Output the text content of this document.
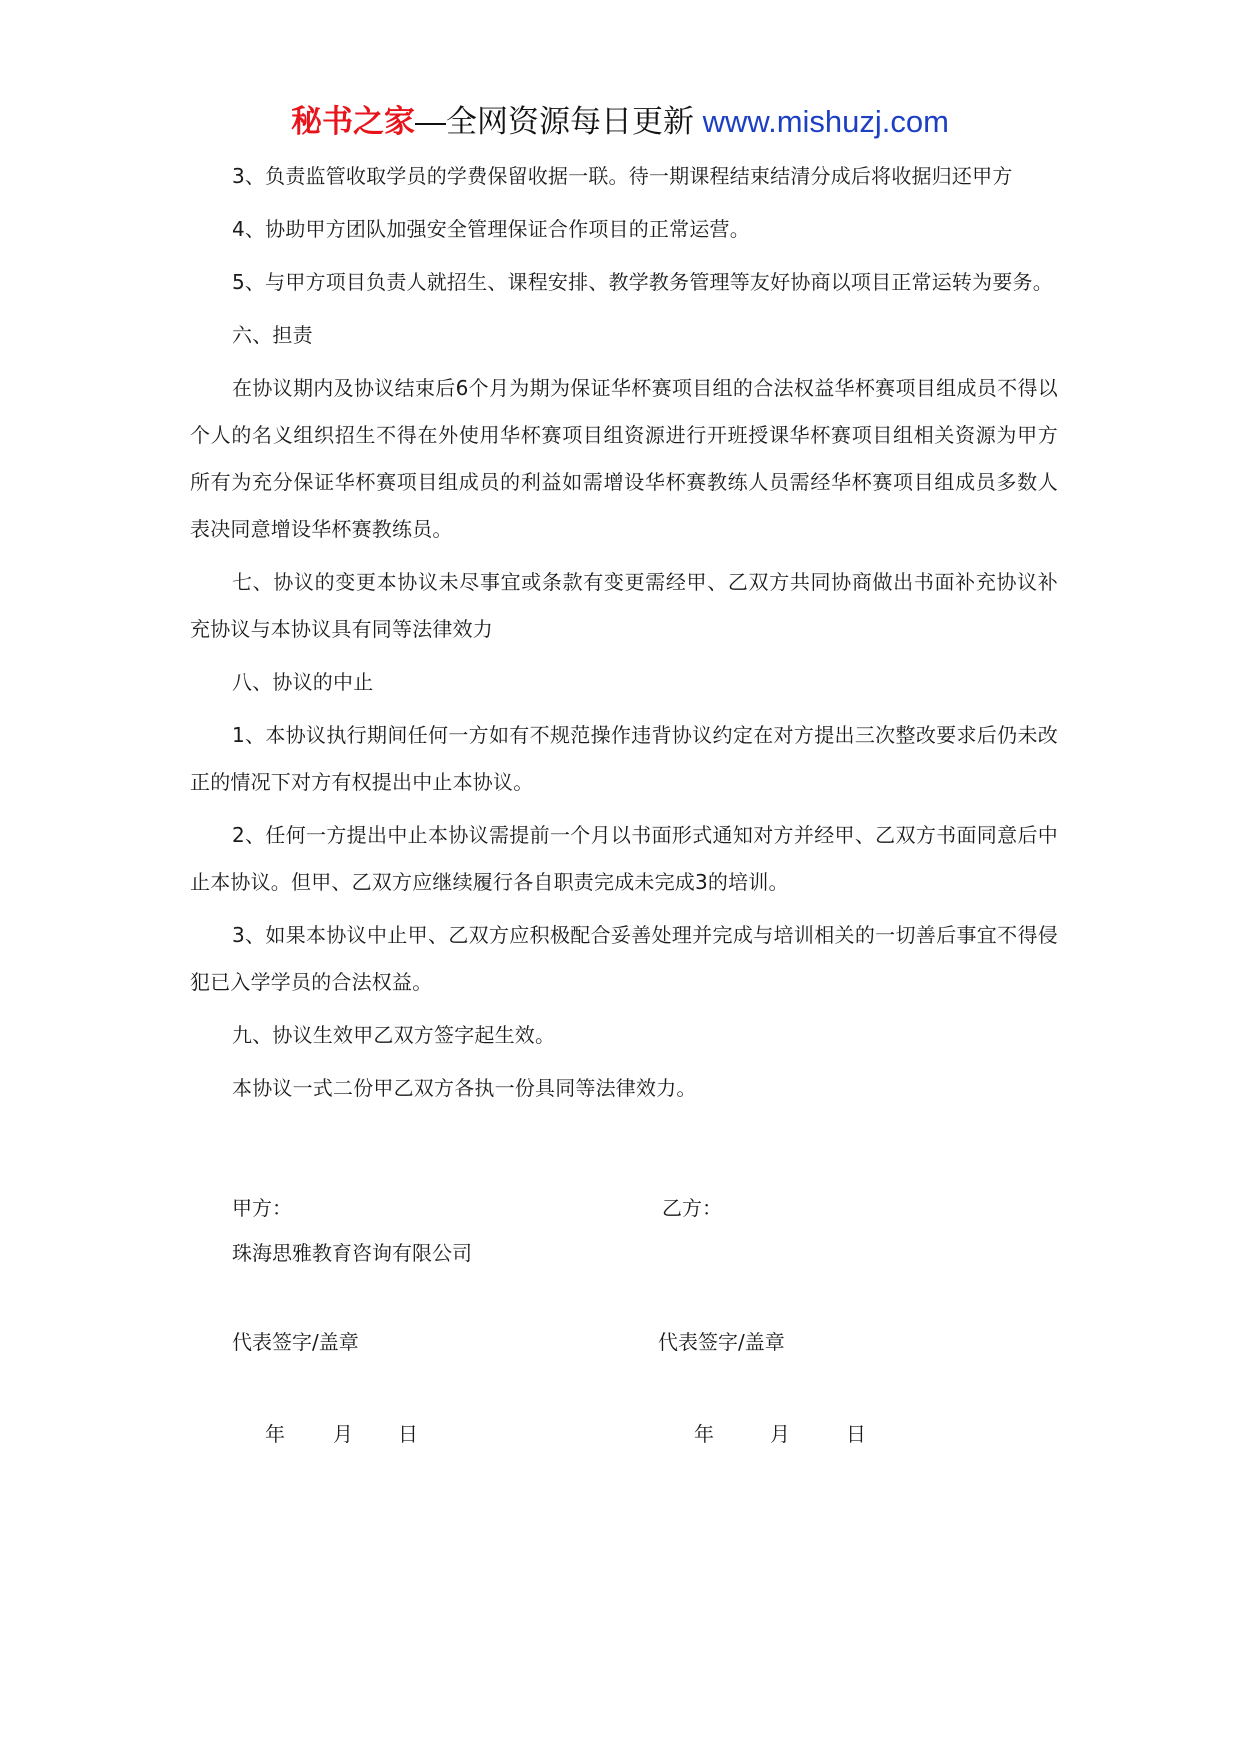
秘书之家—全网资源每日更新 www.mishuzj.com

3、负责监管收取学员的学费保留收据一联。待一期课程结束结清分成后将收据归还甲方

4、协助甲方团队加强安全管理保证合作项目的正常运营。

5、与甲方项目负责人就招生、课程安排、教学教务管理等友好协商以项目正常运转为要务。

六、担责

在协议期内及协议结束后6个月为期为保证华杯赛项目组的合法权益华杯赛项目组成员不得以个人的名义组织招生不得在外使用华杯赛项目组资源进行开班授课华杯赛项目组相关资源为甲方所有为充分保证华杯赛项目组成员的利益如需增设华杯赛教练人员需经华杯赛项目组成员多数人表决同意增设华杯赛教练员。

七、协议的变更本协议未尽事宜或条款有变更需经甲、乙双方共同协商做出书面补充协议补充协议与本协议具有同等法律效力

八、协议的中止

1、本协议执行期间任何一方如有不规范操作违背协议约定在对方提出三次整改要求后仍未改正的情况下对方有权提出中止本协议。

2、任何一方提出中止本协议需提前一个月以书面形式通知对方并经甲、乙双方书面同意后中止本协议。但甲、乙双方应继续履行各自职责完成未完成3的培训。

3、如果本协议中止甲、乙双方应积极配合妥善处理并完成与培训相关的一切善后事宜不得侵犯已入学学员的合法权益。

九、协议生效甲乙双方签字起生效。

本协议一式二份甲乙双方各执一份具同等法律效力。

甲方：	乙方：
珠海思雅教育咨询有限公司
代表签字/盖章	代表签字/盖章
年 月 日	年	月	日
